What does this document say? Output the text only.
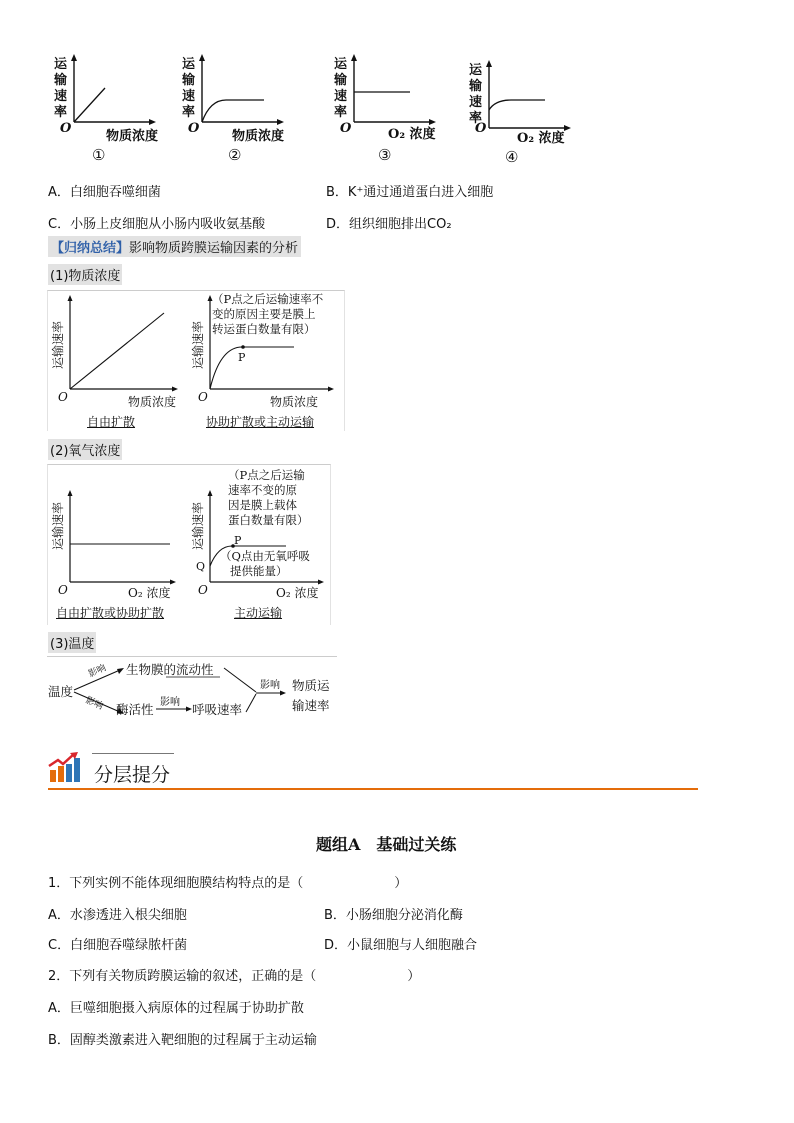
运
输
速
率
O
物质浓度
①
运
输
速
率
O
物质浓度
②
运
输
速
率
O	O₂ 浓度
③
运
输
速
率
O
O₂ 浓度
④
A．白细胞吞噬细菌	B．K⁺通过通道蛋白进入细胞
C．小肠上皮细胞从小肠内吸收氨基酸	D．组织细胞排出CO₂
【归纳总结】影响物质跨膜运输因素的分析
(1)物质浓度
运输速率
O
自由扩散
运输速率	P
O
（P点之后运输速率不
变的原因主要是膜上
转运蛋白数量有限）
物质浓度	物质浓度
协助扩散或主动运输
(2)氧气浓度
运输速率
O	O₂ 浓度
自由扩散或协助扩散
运输速率	P
Q
O
（P点之后运输
速率不变的原
因是膜上载体
蛋白数量有限）
（Q点由无氧呼吸
提供能量）
O₂ 浓度
主动运输
(3)温度
温度
影响
影响
生物膜的流动性
酶活性 影响 呼吸速率
影响 物质运
输速率
分层提分
题组A　基础过关练
1．下列实例不能体现细胞膜结构特点的是（　　　　　　　）
A．水渗透进入根尖细胞	B．小肠细胞分泌消化酶
C．白细胞吞噬绿脓杆菌	D．小鼠细胞与人细胞融合
2．下列有关物质跨膜运输的叙述，正确的是（　　　　　　　）
A．巨噬细胞摄入病原体的过程属于协助扩散
B．固醇类激素进入靶细胞的过程属于主动运输
